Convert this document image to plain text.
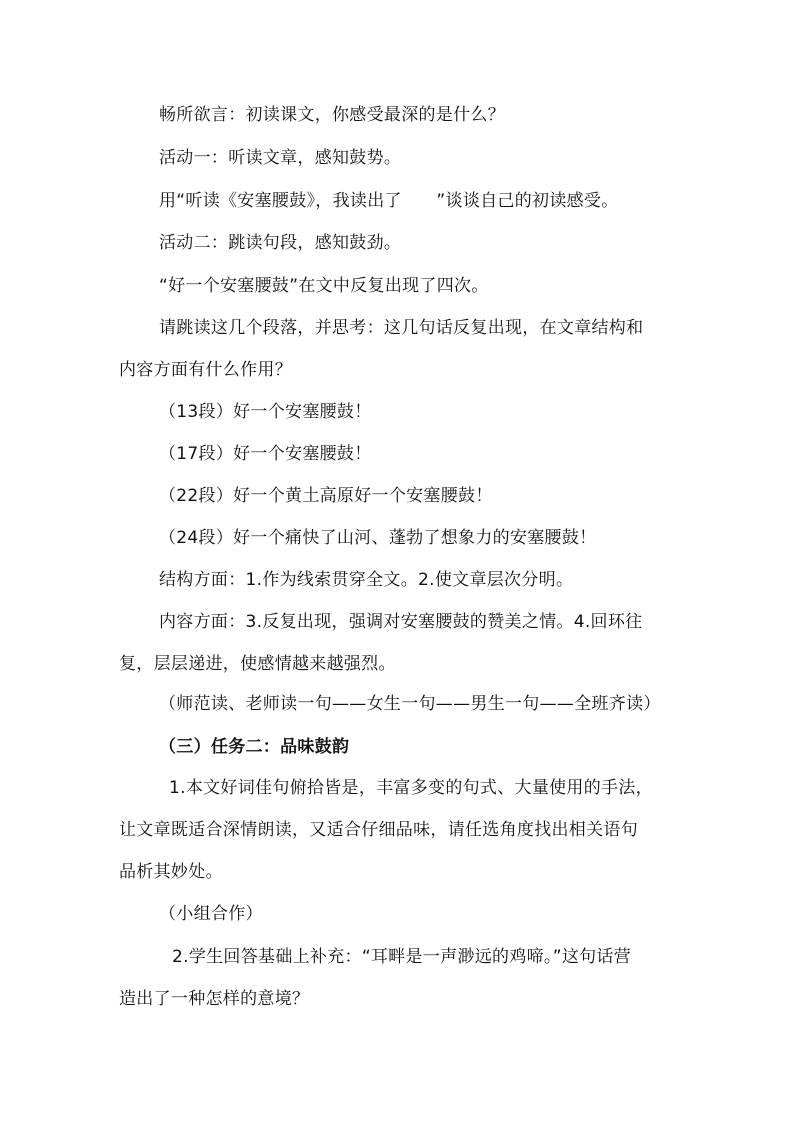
畅所欲言：初读课文，你感受最深的是什么？
活动一：听读文章，感知鼓势。
用“听读《安塞腰鼓》，我读出了　　”谈谈自己的初读感受。
活动二：跳读句段，感知鼓劲。
“好一个安塞腰鼓”在文中反复出现了四次。
请跳读这几个段落，并思考：这几句话反复出现，在文章结构和
内容方面有什么作用？
（13段）好一个安塞腰鼓！
（17段）好一个安塞腰鼓！
（22段）好一个黄土高原好一个安塞腰鼓！
（24段）好一个痛快了山河、蓬勃了想象力的安塞腰鼓！
结构方面：1.作为线索贯穿全文。2.使文章层次分明。
内容方面：3.反复出现，强调对安塞腰鼓的赞美之情。4.回环往
复，层层递进，使感情越来越强烈。
（师范读、老师读一句——女生一句——男生一句——全班齐读）
（三）任务二：品味鼓韵
1.本文好词佳句俯拾皆是，丰富多变的句式、大量使用的手法，
让文章既适合深情朗读，又适合仔细品味，请任选角度找出相关语句
品析其妙处。
（小组合作）
2.学生回答基础上补充：“耳畔是一声渺远的鸡啼。”这句话营
造出了一种怎样的意境？
